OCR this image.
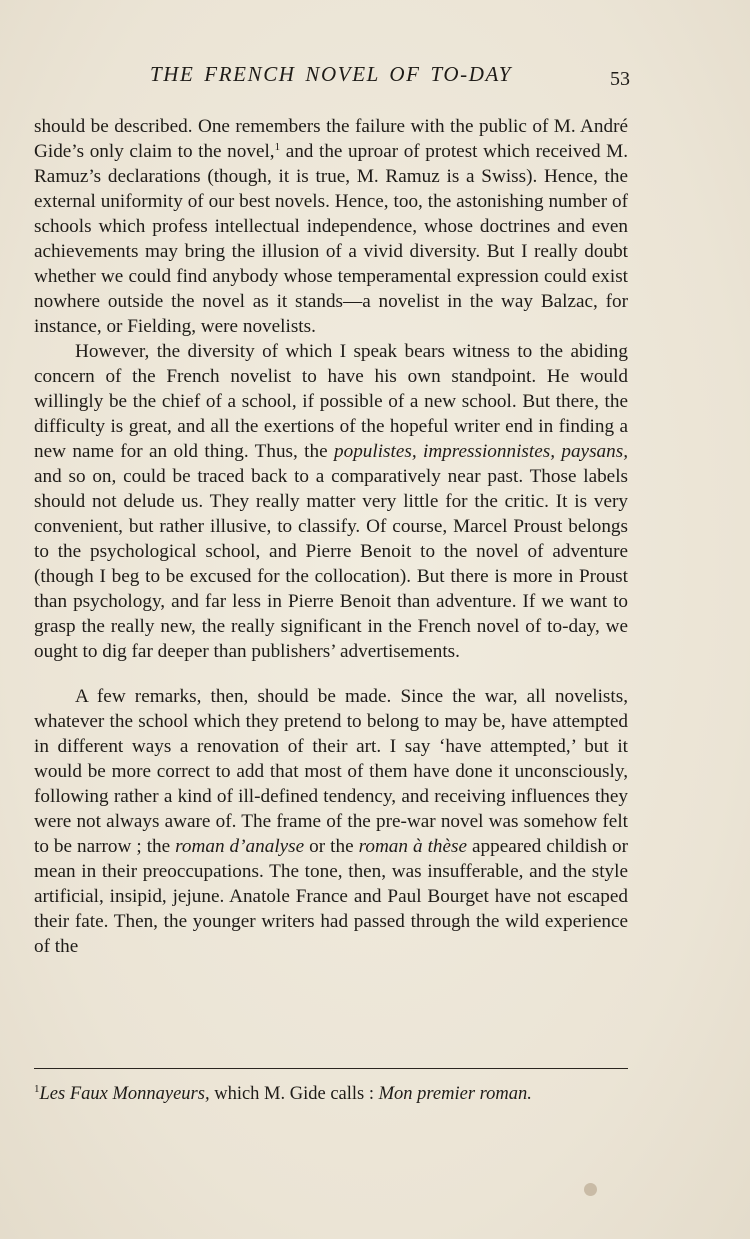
THE FRENCH NOVEL OF TO-DAY	53

should be described. One remembers the failure with the public of M. André Gide’s only claim to the novel,$^1$ and the uproar of protest which received M. Ramuz’s declarations (though, it is true, M. Ramuz is a Swiss). Hence, the external uniformity of our best novels. Hence, too, the astonishing number of schools which profess intellectual independence, whose doctrines and even achievements may bring the illusion of a vivid diversity. But I really doubt whether we could find anybody whose temperamental expression could exist nowhere outside the novel as it stands—a novelist in the way Balzac, for instance, or Fielding, were novelists.

However, the diversity of which I speak bears witness to the abiding concern of the French novelist to have his own standpoint. He would willingly be the chief of a school, if possible of a new school. But there, the difficulty is great, and all the exertions of the hopeful writer end in finding a new name for an old thing. Thus, the populistes, impressionnistes, paysans, and so on, could be traced back to a comparatively near past. Those labels should not delude us. They really matter very little for the critic. It is very convenient, but rather illusive, to classify. Of course, Marcel Proust belongs to the psychological school, and Pierre Benoit to the novel of adventure (though I beg to be excused for the collocation). But there is more in Proust than psychology, and far less in Pierre Benoit than adventure. If we want to grasp the really new, the really significant in the French novel of to-day, we ought to dig far deeper than publishers’ advertisements.

A few remarks, then, should be made. Since the war, all novelists, whatever the school which they pretend to belong to may be, have attempted in different ways a renovation of their art. I say ‘have attempted,’ but it would be more correct to add that most of them have done it unconsciously, following rather a kind of ill-defined tendency, and receiving influences they were not always aware of. The frame of the pre-war novel was somehow felt to be narrow ; the roman d’analyse or the roman à thèse appeared childish or mean in their preoccupations. The tone, then, was insufferable, and the style artificial, insipid, jejune. Anatole France and Paul Bourget have not escaped their fate. Then, the younger writers had passed through the wild experience of the

$^1$Les Faux Monnayeurs, which M. Gide calls : Mon premier roman.
